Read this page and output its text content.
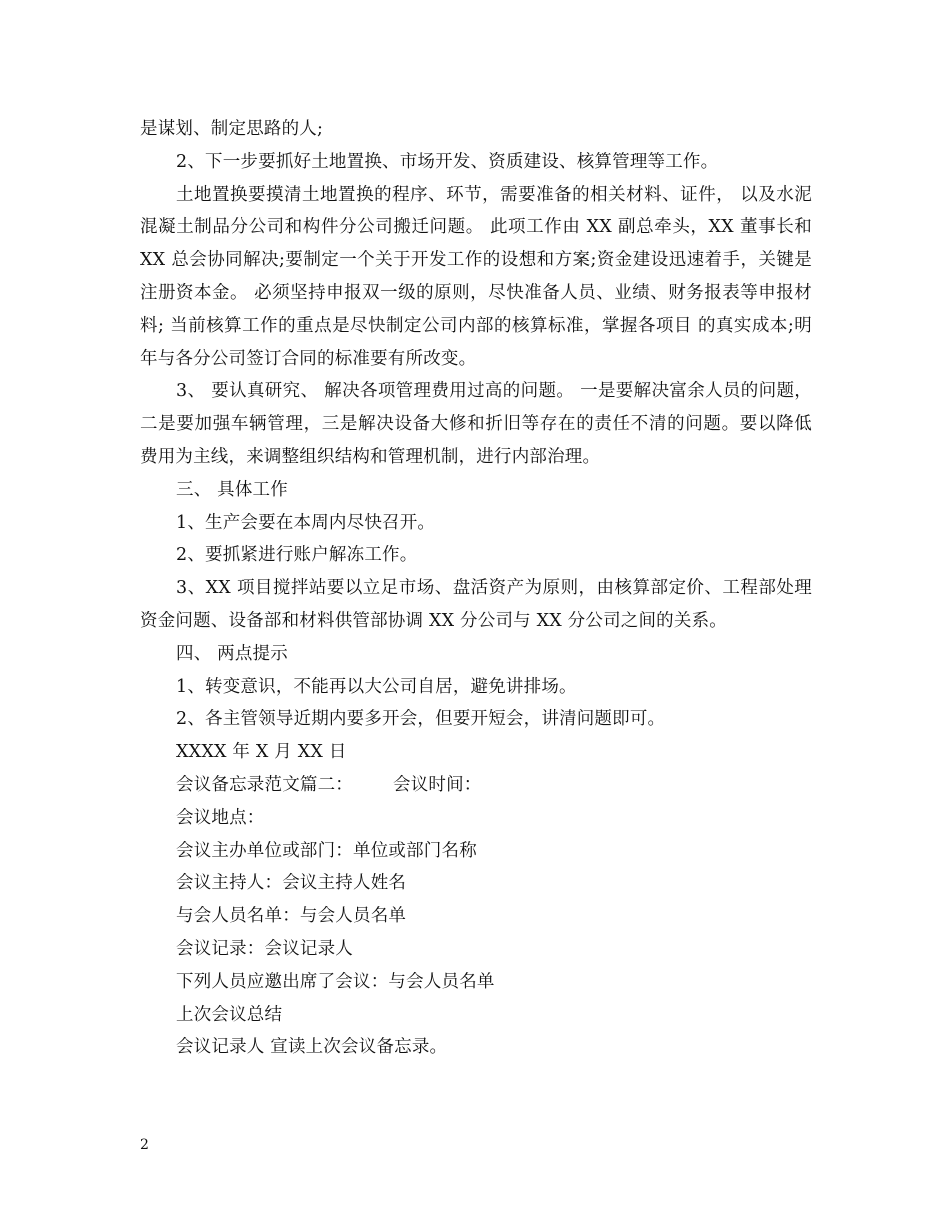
是谋划、制定思路的人;

2、下一步要抓好土地置换、市场开发、资质建设、核算管理等工作。

土地置换要摸清土地置换的程序、环节，需要准备的相关材料、证件， 以及水泥混凝土制品分公司和构件分公司搬迁问题。 此项工作由 XX 副总牵头，XX 董事长和 XX 总会协同解决;要制定一个关于开发工作的设想和方案;资金建设迅速着手，关键是注册资本金。 必须坚持申报双一级的原则，尽快准备人员、业绩、财务报表等申报材料; 当前核算工作的重点是尽快制定公司内部的核算标准，掌握各项目 的真实成本;明年与各分公司签订合同的标准要有所改变。

3、 要认真研究、 解决各项管理费用过高的问题。 一是要解决富余人员的问题，二是要加强车辆管理，三是解决设备大修和折旧等存在的责任不清的问题。要以降低费用为主线，来调整组织结构和管理机制，进行内部治理。

三、 具体工作

1、生产会要在本周内尽快召开。

2、要抓紧进行账户解冻工作。

3、XX 项目搅拌站要以立足市场、盘活资产为原则，由核算部定价、工程部处理资金问题、设备部和材料供管部协调 XX 分公司与 XX 分公司之间的关系。

四、 两点提示

1、转变意识，不能再以大公司自居，避免讲排场。

2、各主管领导近期内要多开会，但要开短会，讲清问题即可。

XXXX 年 X 月 XX 日

会议备忘录范文篇二： 会议时间：

会议地点：

会议主办单位或部门：单位或部门名称

会议主持人：会议主持人姓名

与会人员名单：与会人员名单

会议记录：会议记录人

下列人员应邀出席了会议：与会人员名单

上次会议总结

会议记录人 宣读上次会议备忘录。

2
